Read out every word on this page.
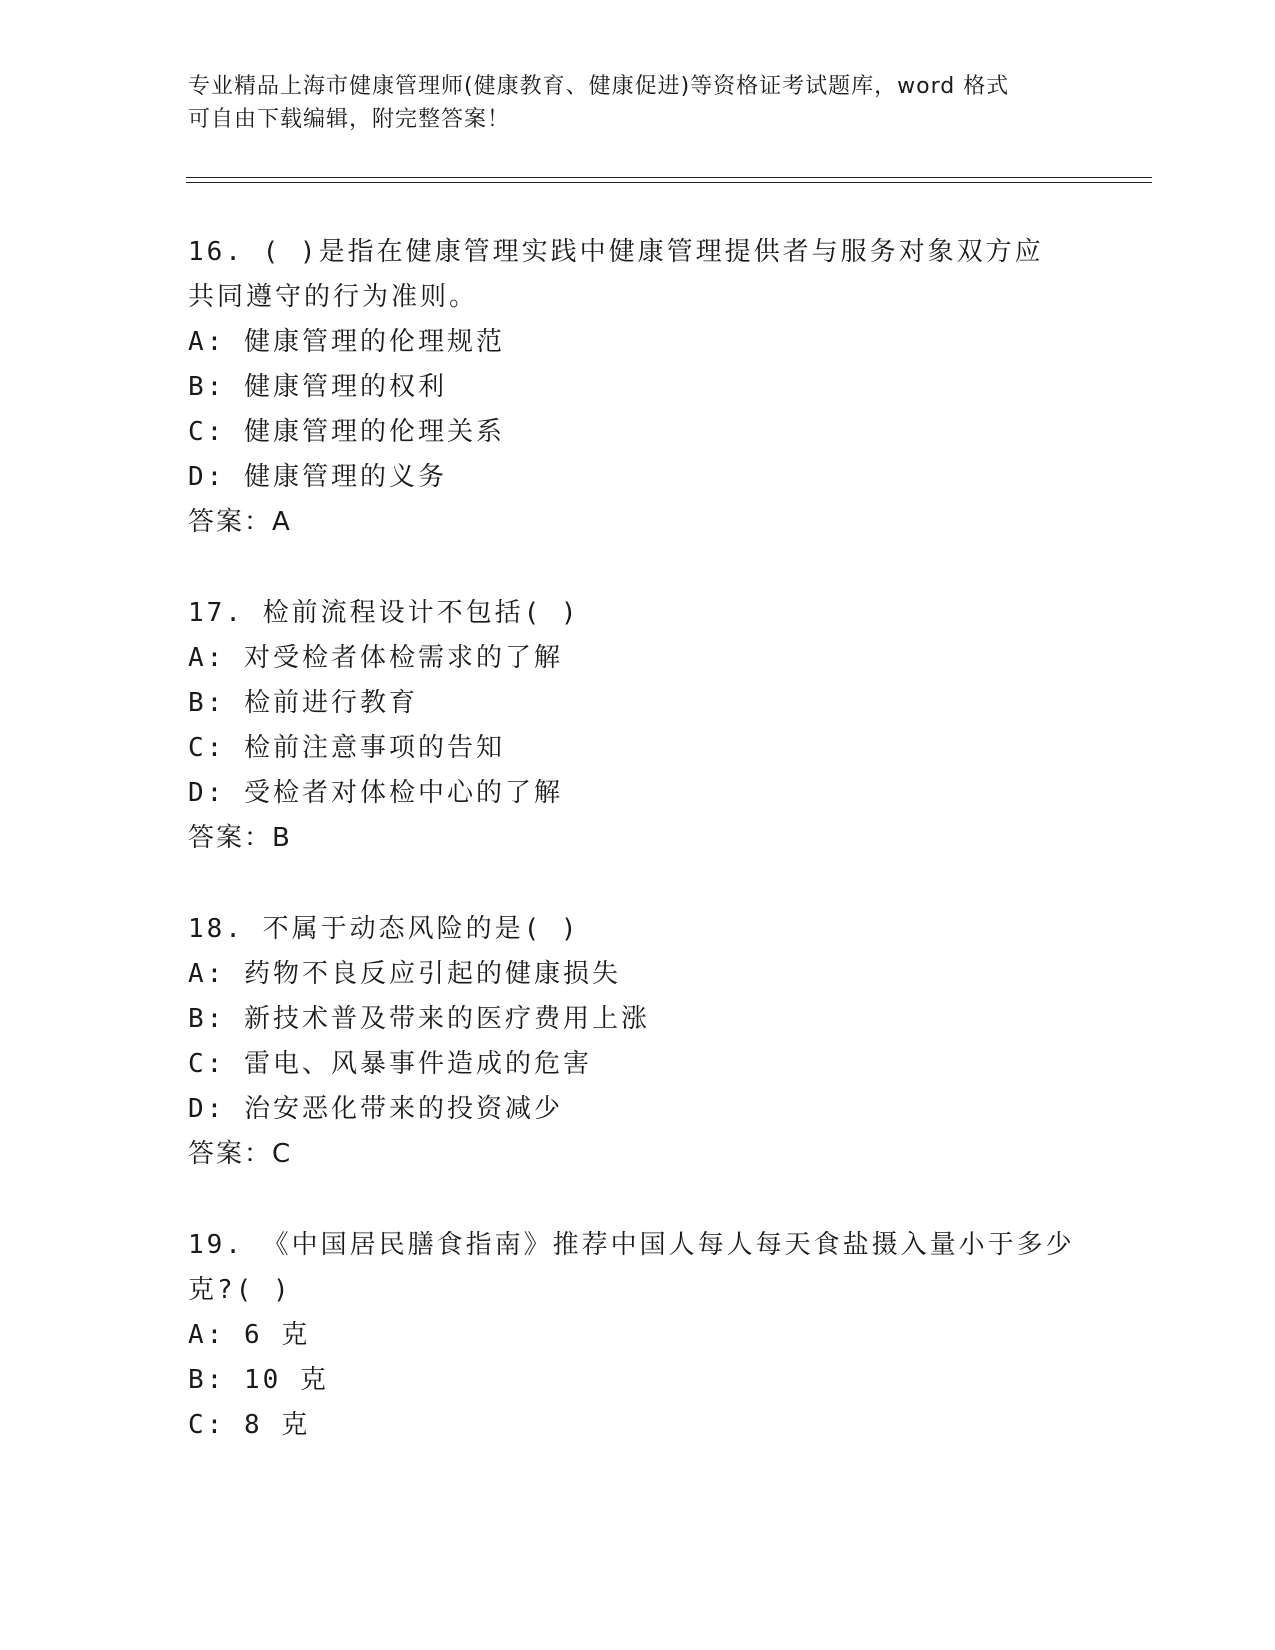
专业精品上海市健康管理师(健康教育、健康促进)等资格证考试题库，word 格式
可自由下载编辑，附完整答案！
16. ( )是指在健康管理实践中健康管理提供者与服务对象双方应
共同遵守的行为准则。
A: 健康管理的伦理规范
B: 健康管理的权利
C: 健康管理的伦理关系
D: 健康管理的义务
答案：A
17. 检前流程设计不包括( )
A: 对受检者体检需求的了解
B: 检前进行教育
C: 检前注意事项的告知
D: 受检者对体检中心的了解
答案：B
18. 不属于动态风险的是( )
A: 药物不良反应引起的健康损失
B: 新技术普及带来的医疗费用上涨
C: 雷电、风暴事件造成的危害
D: 治安恶化带来的投资减少
答案：C
19. 《中国居民膳食指南》推荐中国人每人每天食盐摄入量小于多少
克?( )
A: 6 克
B: 10 克
C: 8 克
